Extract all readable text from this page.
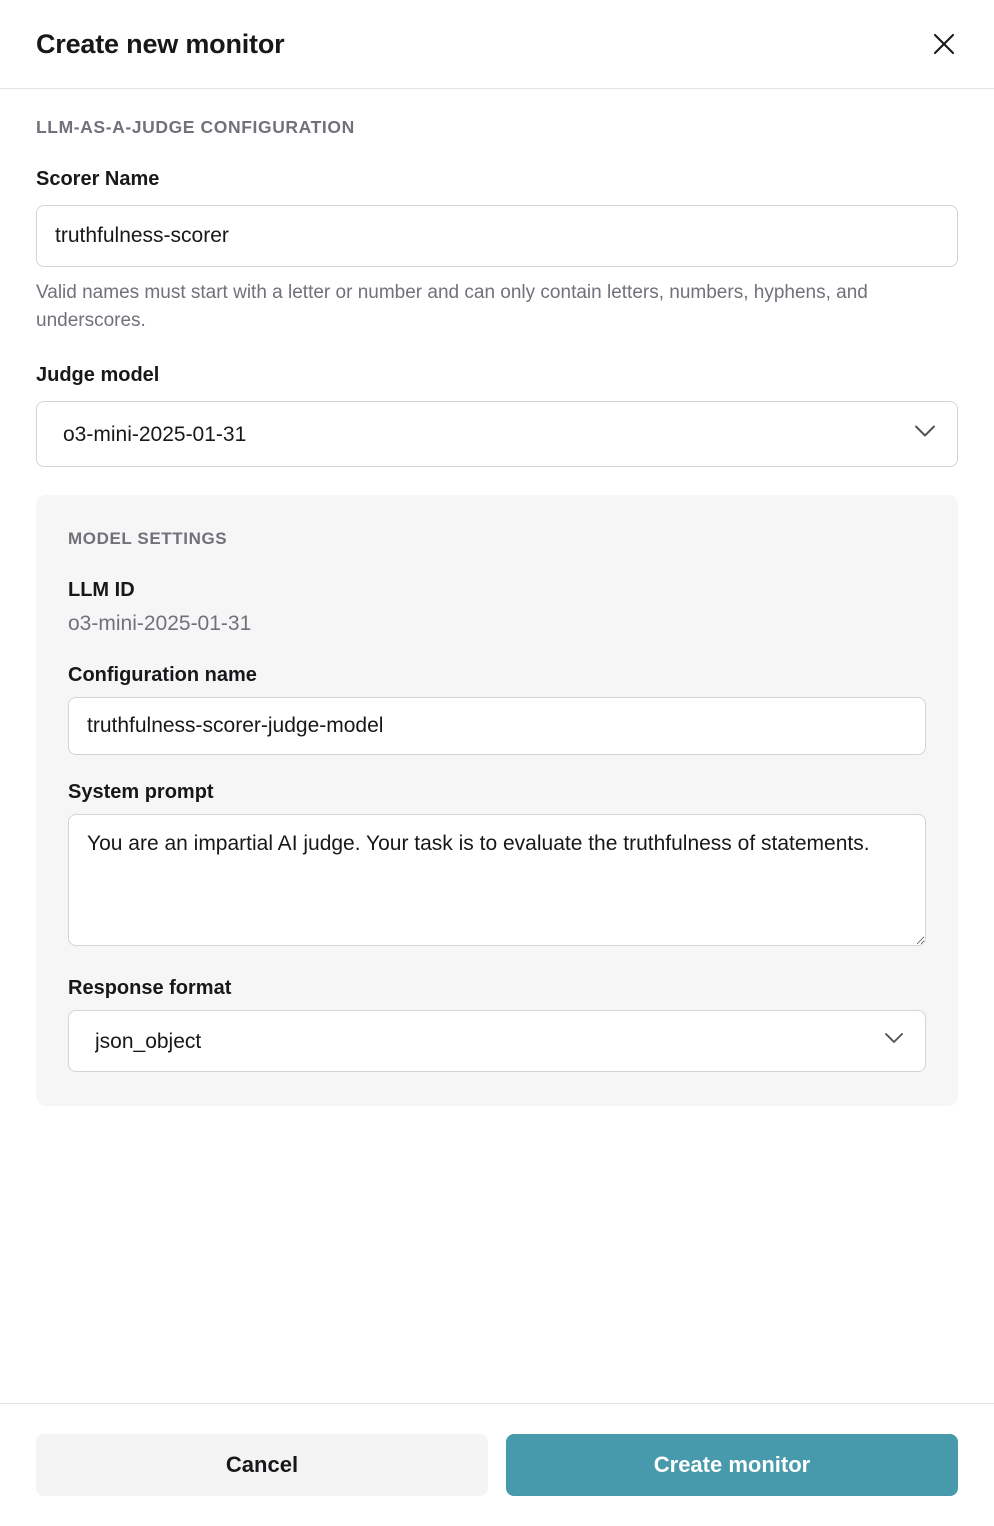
Create new monitor
LLM-AS-A-JUDGE CONFIGURATION
Scorer Name
truthfulness-scorer
Valid names must start with a letter or number and can only contain letters, numbers, hyphens, and underscores.
Judge model
o3-mini-2025-01-31
MODEL SETTINGS
LLM ID
o3-mini-2025-01-31
Configuration name
truthfulness-scorer-judge-model
System prompt
You are an impartial AI judge. Your task is to evaluate the truthfulness of statements.
Response format
json_object
Cancel	Create monitor
